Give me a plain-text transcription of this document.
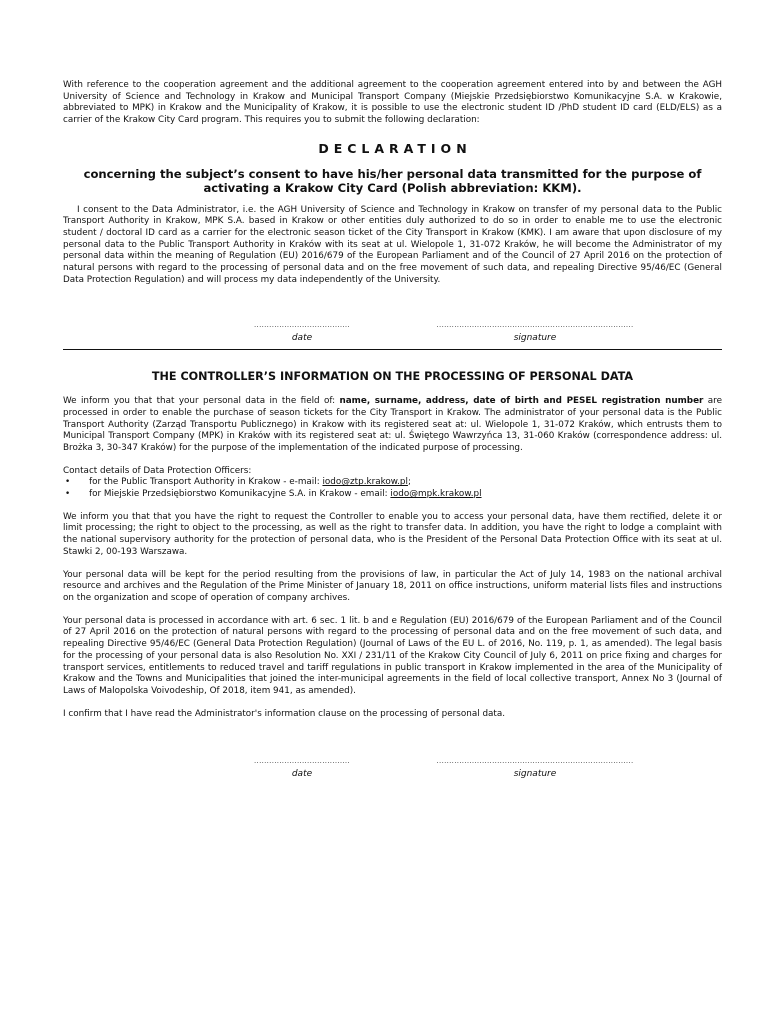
With reference to the cooperation agreement and the additional agreement to the cooperation agreement entered into by and between the AGH University of Science and Technology in Krakow and Municipal Transport Company (Miejskie Przedsiębiorstwo Komunikacyjne S.A. w Krakowie, abbreviated to MPK) in Krakow and the Municipality of Krakow, it is possible to use the electronic student ID /PhD student ID card (ELD/ELS) as a carrier of the Krakow City Card program. This requires you to submit the following declaration:

DECLARATION
concerning the subject’s consent to have his/her personal data transmitted for the purpose of activating a Krakow City Card (Polish abbreviation: KKM).

I consent to the Data Administrator, i.e. the AGH University of Science and Technology in Krakow on transfer of my personal data to the Public Transport Authority in Krakow, MPK S.A. based in Krakow or other entities duly authorized to do so in order to enable me to use the electronic student / doctoral ID card as a carrier for the electronic season ticket of the City Transport in Krakow (KMK). I am aware that upon disclosure of my personal data to the Public Transport Authority in Kraków with its seat at ul. Wielopole 1, 31-072 Kraków, he will become the Administrator of my personal data within the meaning of Regulation (EU) 2016/679 of the European Parliament and of the Council of 27 April 2016 on the protection of natural persons with regard to the processing of personal data and on the free movement of such data, and repealing Directive 95/46/EC (General Data Protection Regulation) and will process my data independently of the University.

......................................
date
..............................................................................
signature
THE CONTROLLER’S INFORMATION ON THE PROCESSING OF PERSONAL DATA

We inform you that that your personal data in the field of: name, surname, address, date of birth and PESEL registration number are processed in order to enable the purchase of season tickets for the City Transport in Krakow. The administrator of your personal data is the Public Transport Authority (Zarząd Transportu Publicznego) in Krakow with its registered seat at: ul. Wielopole 1, 31-072 Kraków, which entrusts them to Municipal Transport Company (MPK) in Kraków with its registered seat at: ul. Świętego Wawrzyńca 13, 31-060 Kraków (correspondence address: ul. Brożka 3, 30-347 Kraków) for the purpose of the implementation of the indicated purpose of processing.

Contact details of Data Protection Officers:

• for the Public Transport Authority in Krakow - e-mail: iodo@ztp.krakow.pl;
• for Miejskie Przedsiębiorstwo Komunikacyjne S.A. in Krakow - email: iodo@mpk.krakow.pl

We inform you that that you have the right to request the Controller to enable you to access your personal data, have them rectified, delete it or limit processing; the right to object to the processing, as well as the right to transfer data. In addition, you have the right to lodge a complaint with the national supervisory authority for the protection of personal data, who is the President of the Personal Data Protection Office with its seat at ul. Stawki 2, 00-193 Warszawa.

Your personal data will be kept for the period resulting from the provisions of law, in particular the Act of July 14, 1983 on the national archival resource and archives and the Regulation of the Prime Minister of January 18, 2011 on office instructions, uniform material lists files and instructions on the organization and scope of operation of company archives.

Your personal data is processed in accordance with art. 6 sec. 1 lit. b and e Regulation (EU) 2016/679 of the European Parliament and of the Council of 27 April 2016 on the protection of natural persons with regard to the processing of personal data and on the free movement of such data, and repealing Directive 95/46/EC (General Data Protection Regulation) (Journal of Laws of the EU L. of 2016, No. 119, p. 1, as amended). The legal basis for the processing of your personal data is also Resolution No. XXI / 231/11 of the Krakow City Council of July 6, 2011 on price fixing and charges for transport services, entitlements to reduced travel and tariff regulations in public transport in Krakow implemented in the area of the Municipality of Krakow and the Towns and Municipalities that joined the inter-municipal agreements in the field of local collective transport, Annex No 3 (Journal of Laws of Malopolska Voivodeship, Of 2018, item 941, as amended).

I confirm that I have read the Administrator's information clause on the processing of personal data.

......................................
date
..............................................................................
signature
